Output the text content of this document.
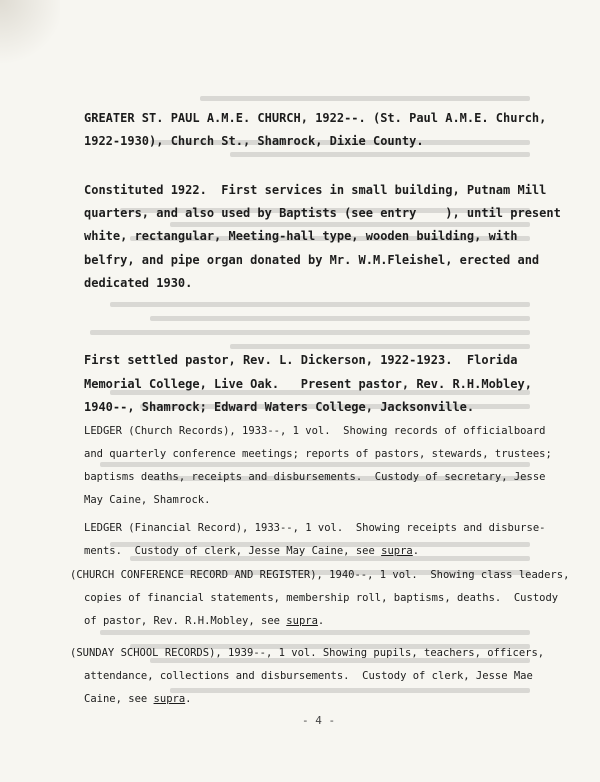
GREATER ST. PAUL A.M.E. CHURCH, 1922--. (St. Paul A.M.E. Church,
1922-1930), Church St., Shamrock, Dixie County.
Constituted 1922.  First services in small building, Putnam Mill
quarters, and also used by Baptists (see entry    ), until present
white, rectangular, Meeting-hall type, wooden building, with
belfry, and pipe organ donated by Mr. W.M.Fleishel, erected and
dedicated 1930.
First settled pastor, Rev. L. Dickerson, 1922-1923.  Florida
Memorial College, Live Oak.   Present pastor, Rev. R.H.Mobley,
1940--, Shamrock; Edward Waters College, Jacksonville.
LEDGER (Church Records), 1933--, 1 vol.  Showing records of officialboard
and quarterly conference meetings; reports of pastors, stewards, trustees;
baptisms deaths, receipts and disbursements.  Custody of secretary, Jesse
May Caine, Shamrock.
LEDGER (Financial Record), 1933--, 1 vol.  Showing receipts and disburse-
ments.  Custody of clerk, Jesse May Caine, see supra.
(CHURCH CONFERENCE RECORD AND REGISTER), 1940--, 1 vol.  Showing class leaders,
copies of financial statements, membership roll, baptisms, deaths.  Custody
of pastor, Rev. R.H.Mobley, see supra.
(SUNDAY SCHOOL RECORDS), 1939--, 1 vol. Showing pupils, teachers, officers,
attendance, collections and disbursements.  Custody of clerk, Jesse Mae
Caine, see supra.
- 4 -
